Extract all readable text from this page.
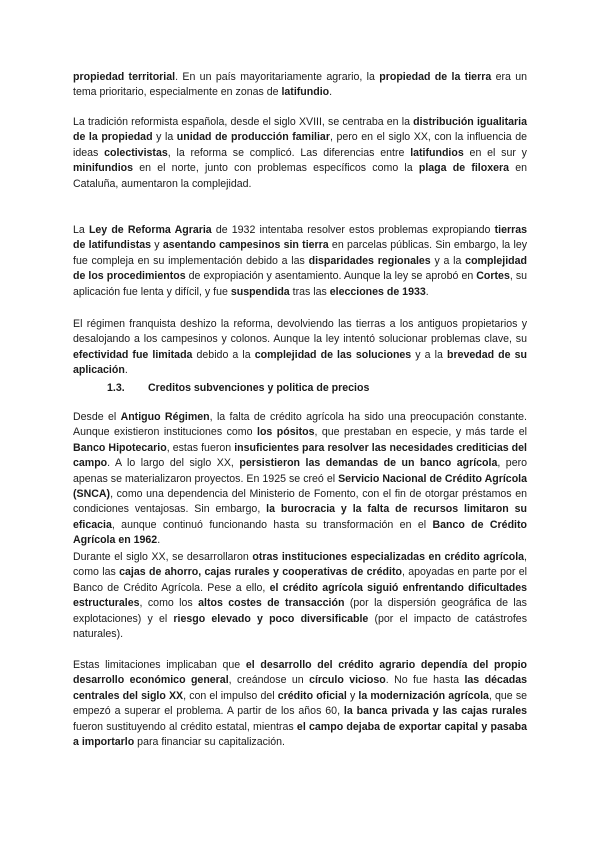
propiedad territorial. En un país mayoritariamente agrario, la propiedad de la tierra era un tema prioritario, especialmente en zonas de latifundio.

La tradición reformista española, desde el siglo XVIII, se centraba en la distribución igualitaria de la propiedad y la unidad de producción familiar, pero en el siglo XX, con la influencia de ideas colectivistas, la reforma se complicó. Las diferencias entre latifundios en el sur y minifundios en el norte, junto con problemas específicos como la plaga de filoxera en Cataluña, aumentaron la complejidad.

La Ley de Reforma Agraria de 1932 intentaba resolver estos problemas expropiando tierras de latifundistas y asentando campesinos sin tierra en parcelas públicas. Sin embargo, la ley fue compleja en su implementación debido a las disparidades regionales y a la complejidad de los procedimientos de expropiación y asentamiento. Aunque la ley se aprobó en Cortes, su aplicación fue lenta y difícil, y fue suspendida tras las elecciones de 1933.

El régimen franquista deshizo la reforma, devolviendo las tierras a los antiguos propietarios y desalojando a los campesinos y colonos. Aunque la ley intentó solucionar problemas clave, su efectividad fue limitada debido a la complejidad de las soluciones y a la brevedad de su aplicación.

1.3. Creditos subvenciones y politica de precios

Desde el Antiguo Régimen, la falta de crédito agrícola ha sido una preocupación constante. Aunque existieron instituciones como los pósitos, que prestaban en especie, y más tarde el Banco Hipotecario, estas fueron insuficientes para resolver las necesidades crediticias del campo. A lo largo del siglo XX, persistieron las demandas de un banco agrícola, pero apenas se materializaron proyectos. En 1925 se creó el Servicio Nacional de Crédito Agrícola (SNCA), como una dependencia del Ministerio de Fomento, con el fin de otorgar préstamos en condiciones ventajosas. Sin embargo, la burocracia y la falta de recursos limitaron su eficacia, aunque continuó funcionando hasta su transformación en el Banco de Crédito Agrícola en 1962.

Durante el siglo XX, se desarrollaron otras instituciones especializadas en crédito agrícola, como las cajas de ahorro, cajas rurales y cooperativas de crédito, apoyadas en parte por el Banco de Crédito Agrícola. Pese a ello, el crédito agrícola siguió enfrentando dificultades estructurales, como los altos costes de transacción (por la dispersión geográfica de las explotaciones) y el riesgo elevado y poco diversificable (por el impacto de catástrofes naturales).

Estas limitaciones implicaban que el desarrollo del crédito agrario dependía del propio desarrollo económico general, creándose un círculo vicioso. No fue hasta las décadas centrales del siglo XX, con el impulso del crédito oficial y la modernización agrícola, que se empezó a superar el problema. A partir de los años 60, la banca privada y las cajas rurales fueron sustituyendo al crédito estatal, mientras el campo dejaba de exportar capital y pasaba a importarlo para financiar su capitalización.
